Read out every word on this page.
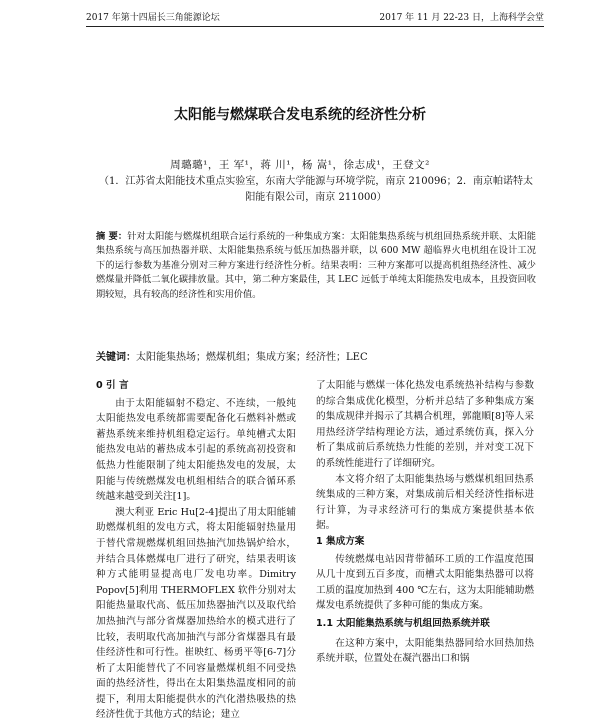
2017 年第十四届长三角能源论坛	2017 年 11 月 22-23 日，上海科学会堂
太阳能与燃煤联合发电系统的经济性分析
周璐璐¹，王 军¹，蒋 川¹，杨 嵩¹，徐志成¹，王登文²
（1．江苏省太阳能技术重点实验室，东南大学能源与环境学院，南京 210096；2．南京帕诺特太阳能有限公司，南京 211000）
摘 要：针对太阳能与燃煤机组联合运行系统的一种集成方案：太阳能集热系统与机组回热系统并联、太阳能集热系统与高压加热器并联、太阳能集热系统与低压加热器并联，以 600 MW 超临界火电机组在设计工况下的运行参数为基准分别对三种方案进行经济性分析。结果表明：三种方案都可以提高机组热经济性、减少燃煤量并降低二氧化碳排放量。其中，第二种方案最佳，其 LEC 远低于单纯太阳能热发电成本，且投资回收期较短，具有较高的经济性和实用价值。
关键词：太阳能集热场；燃煤机组；集成方案；经济性；LEC
0 引 言

由于太阳能辐射不稳定、不连续，一般纯太阳能热发电系统都需要配备化石燃料补燃或蓄热系统来维持机组稳定运行。单纯槽式太阳能热发电站的蓄热成本引起的系统高初投资和低热力性能限制了纯太阳能热发电的发展，太阳能与传统燃煤发电机组相结合的联合循环系统越来越受到关注[1]。

澳大利亚 Eric Hu[2-4]提出了用太阳能辅助燃煤机组的发电方式，将太阳能辐射热量用于替代常规燃煤机组回热抽汽加热锅炉给水，并结合具体燃煤电厂进行了研究，结果表明该种方式能明显提高电厂发电功率。Dimitry Popov[5]利用 THERMOFLEX 软件分别对太阳能热量取代高、低压加热器抽汽以及取代给加热抽汽与部分省煤器加热给水的模式进行了比较，表明取代高加抽汽与部分省煤器具有最佳经济性和可行性。崔映红、杨勇平等[6-7]分析了太阳能替代了不同容量燃煤机组不同受热面的热经济性，得出在太阳集热温度相同的前提下，利用太阳能提供水的汽化潜热吸热的热经济性优于其他方式的结论；建立

了太阳能与燃煤一体化热发电系统热补结构与参数的综合集成优化模型，分析并总结了多种集成方案的集成规律并揭示了其耦合机理，郭龍順[8]等人采用热经济学结构理论方法，通过系统仿真，探入分析了集成前后系统热力性能的差别，并对变工况下的系统性能进行了详细研究。

本文将介绍了太阳能集热场与燃煤机组回热系统集成的三种方案，对集成前后相关经济性指标进行计算，为寻求经济可行的集成方案提供基本依据。

1 集成方案

传统燃煤电站因背带循环工质的工作温度范围从几十度到五百多度，而槽式太阳能集热器可以将工质的温度加热到 400 ℃左右，这为太阳能辅助燃煤发电系统提供了多种可能的集成方案。

1.1 太阳能集热系统与机组回热系统并联

在这种方案中，太阳能集热器同给水回热加热系统并联，位置处在凝汽器出口和锅
